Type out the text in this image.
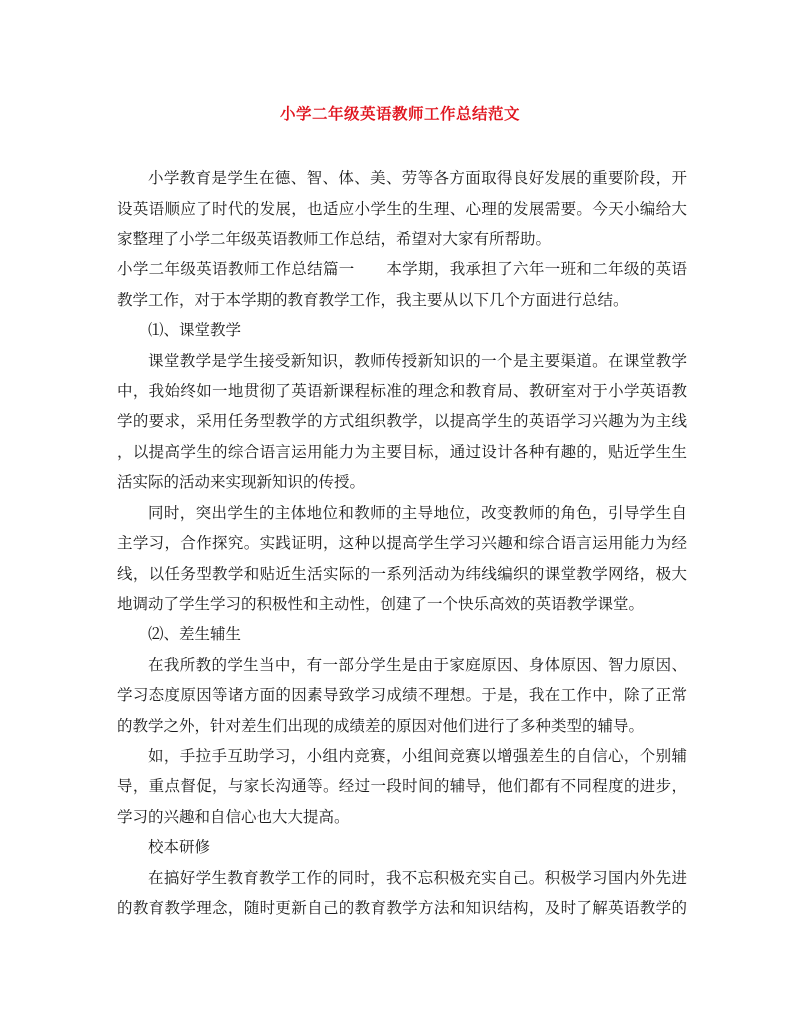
小学二年级英语教师工作总结范文
小学教育是学生在德、智、体、美、劳等各方面取得良好发展的重要阶段，开
设英语顺应了时代的发展，也适应小学生的生理、心理的发展需要。今天小编给大
家整理了小学二年级英语教师工作总结，希望对大家有所帮助。
小学二年级英语教师工作总结篇一　　本学期，我承担了六年一班和二年级的英语
教学工作，对于本学期的教育教学工作，我主要从以下几个方面进行总结。
⑴、课堂教学
课堂教学是学生接受新知识，教师传授新知识的一个是主要渠道。在课堂教学
中，我始终如一地贯彻了英语新课程标准的理念和教育局、教研室对于小学英语教
学的要求，采用任务型教学的方式组织教学，以提高学生的英语学习兴趣为为主线
，以提高学生的综合语言运用能力为主要目标，通过设计各种有趣的，贴近学生生
活实际的活动来实现新知识的传授。
同时，突出学生的主体地位和教师的主导地位，改变教师的角色，引导学生自
主学习，合作探究。实践证明，这种以提高学生学习兴趣和综合语言运用能力为经
线，以任务型教学和贴近生活实际的一系列活动为纬线编织的课堂教学网络，极大
地调动了学生学习的积极性和主动性，创建了一个快乐高效的英语教学课堂。
⑵、差生辅生
在我所教的学生当中，有一部分学生是由于家庭原因、身体原因、智力原因、
学习态度原因等诸方面的因素导致学习成绩不理想。于是，我在工作中，除了正常
的教学之外，针对差生们出现的成绩差的原因对他们进行了多种类型的辅导。
如，手拉手互助学习，小组内竞赛，小组间竞赛以增强差生的自信心，个别辅
导，重点督促，与家长沟通等。经过一段时间的辅导，他们都有不同程度的进步，
学习的兴趣和自信心也大大提高。
校本研修
在搞好学生教育教学工作的同时，我不忘积极充实自己。积极学习国内外先进
的教育教学理念，随时更新自己的教育教学方法和知识结构，及时了解英语教学的
